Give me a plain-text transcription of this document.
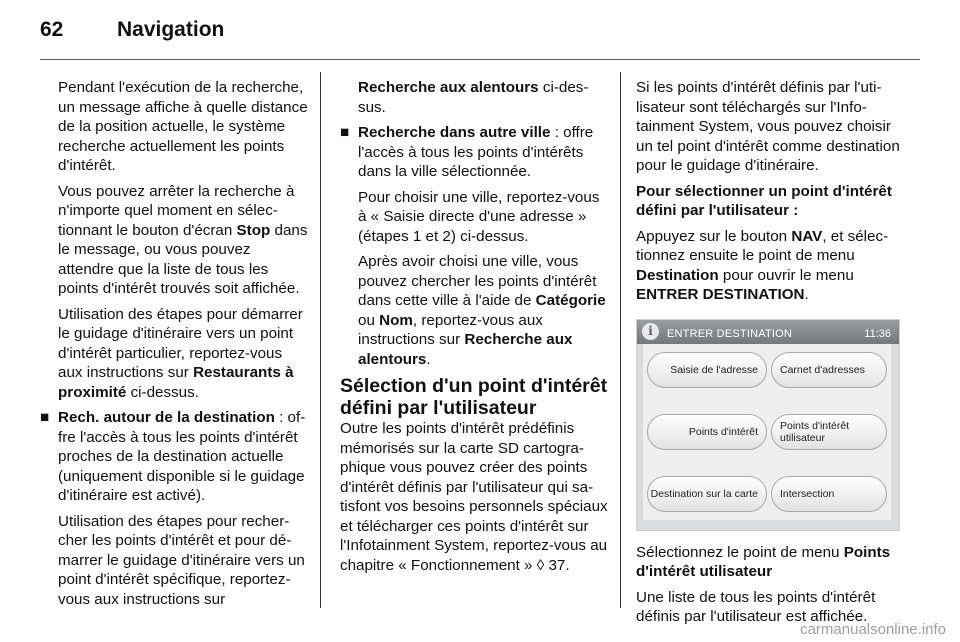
62	Navigation

Pendant l'exécution de la recherche, un message affiche à quelle distance de la position actuelle, le système recherche actuellement les points d'intérêt.

Vous pouvez arrêter la recherche à n'importe quel moment en sélectionnant le bouton d'écran Stop dans le message, ou vous pouvez attendre que la liste de tous les points d'intérêt trouvés soit affichée.

Utilisation des étapes pour démarrer le guidage d'itinéraire vers un point d'intérêt particulier, reportez-vous aux instructions sur Restaurants à proximité ci-dessus.

■ Rech. autour de la destination : offre l'accès à tous les points d'intérêt proches de la destination actuelle (uniquement disponible si le guidage d'itinéraire est activé).

Utilisation des étapes pour rechercher les points d'intérêt et pour démarrer le guidage d'itinéraire vers un point d'intérêt spécifique, reportez-vous aux instructions sur

Recherche aux alentours ci-dessus.

■ Recherche dans autre ville : offre l'accès à tous les points d'intérêts dans la ville sélectionnée.

Pour choisir une ville, reportez-vous à « Saisie directe d'une adresse » (étapes 1 et 2) ci-dessus.

Après avoir choisi une ville, vous pouvez chercher les points d'intérêt dans cette ville à l'aide de Catégorie ou Nom, reportez-vous aux instructions sur Recherche aux alentours.

Sélection d'un point d'intérêt défini par l'utilisateur

Outre les points d'intérêt prédéfinis mémorisés sur la carte SD cartographique vous pouvez créer des points d'intérêt définis par l'utilisateur qui satisfont vos besoins personnels spéciaux et télécharger ces points d'intérêt sur l'Infotainment System, reportez-vous au chapitre « Fonctionnement » ◊ 37.

Si les points d'intérêt définis par l'utilisateur sont téléchargés sur l'Infotainment System, vous pouvez choisir un tel point d'intérêt comme destination pour le guidage d'itinéraire.

Pour sélectionner un point d'intérêt défini par l'utilisateur :

Appuyez sur le bouton NAV, et sélectionnez ensuite le point de menu Destination pour ouvrir le menu ENTRER DESTINATION.

i	ENTRER DESTINATION	11:36
Saisie de l'adresse Carnet d'adresses
Points d'intérêt Points d'intérêt utilisateur
Destination sur la carte Intersection

Sélectionnez le point de menu Points d'intérêt utilisateur

Une liste de tous les points d'intérêt définis par l'utilisateur est affichée.

carmanualsonline.info
